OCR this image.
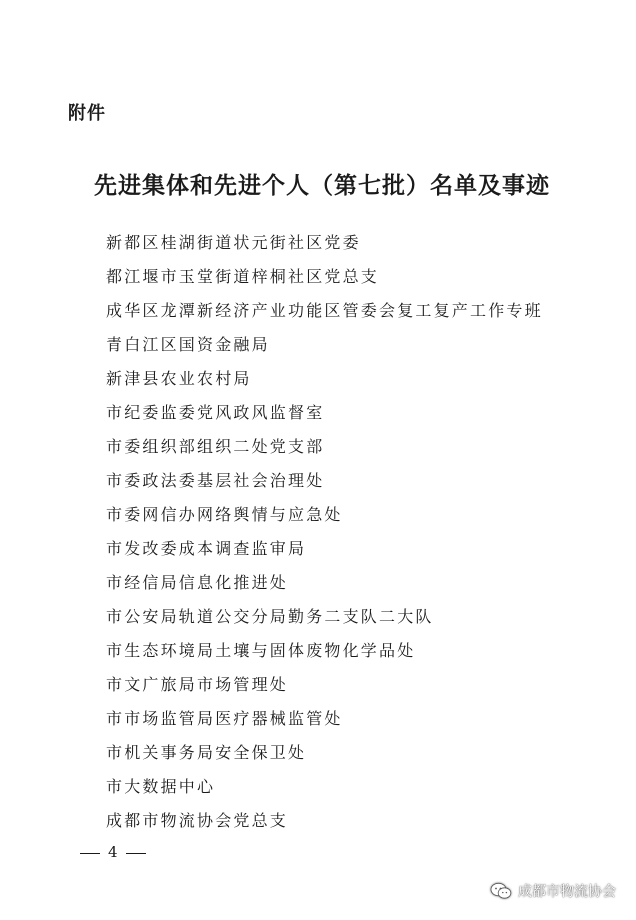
附件
先进集体和先进个人（第七批）名单及事迹
新都区桂湖街道状元街社区党委
都江堰市玉堂街道梓桐社区党总支
成华区龙潭新经济产业功能区管委会复工复产工作专班
青白江区国资金融局
新津县农业农村局
市纪委监委党风政风监督室
市委组织部组织二处党支部
市委政法委基层社会治理处
市委网信办网络舆情与应急处
市发改委成本调查监审局
市经信局信息化推进处
市公安局轨道公交分局勤务二支队二大队
市生态环境局土壤与固体废物化学品处
市文广旅局市场管理处
市市场监管局医疗器械监管处
市机关事务局安全保卫处
市大数据中心
成都市物流协会党总支
4
成都市物流协会
